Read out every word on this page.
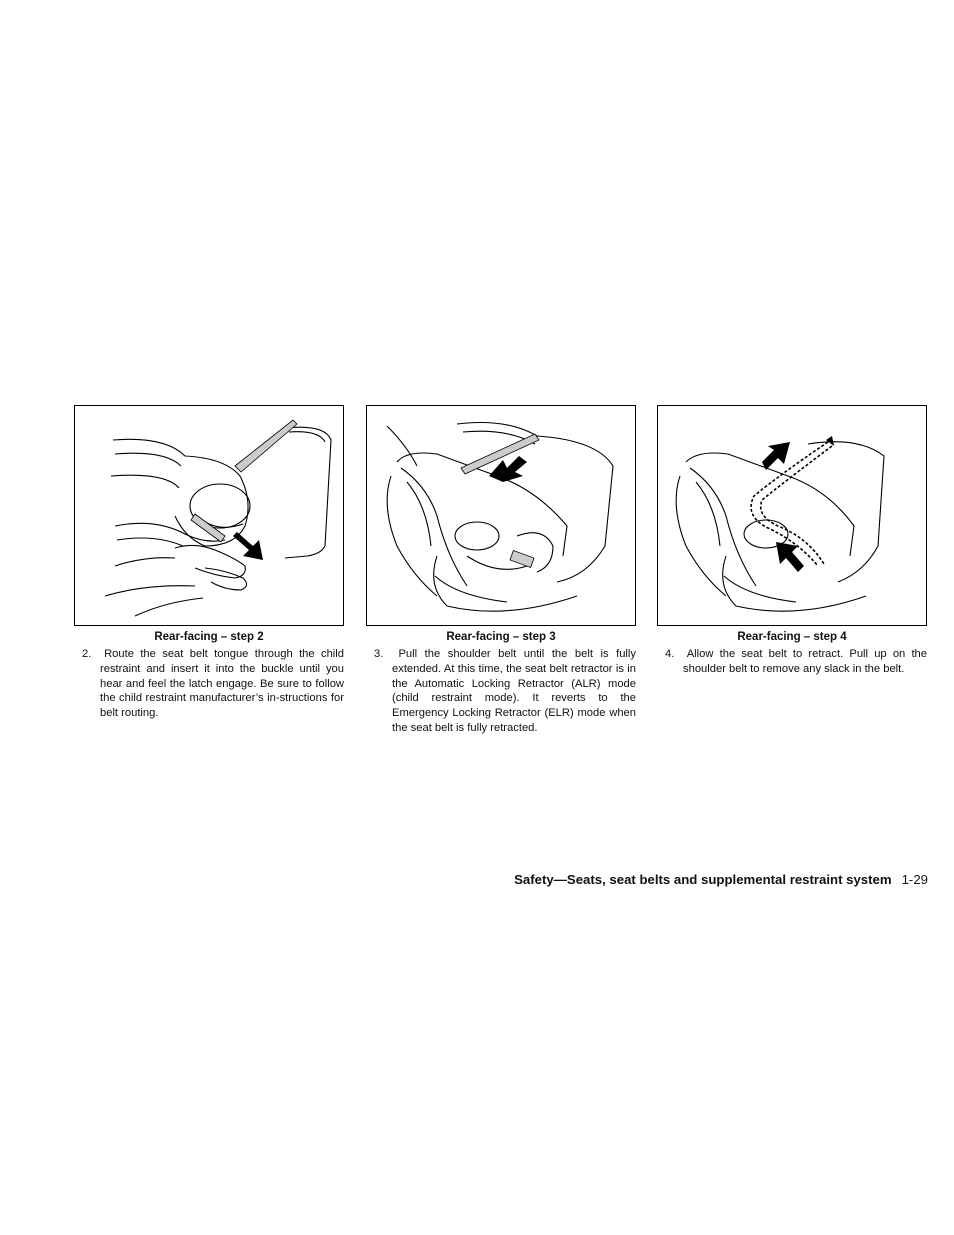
Rear-facing – step 2
2. Route the seat belt tongue through the child restraint and insert it into the buckle until you hear and feel the latch engage. Be sure to follow the child restraint manufacturer’s in-structions for belt routing.
Rear-facing – step 3
3. Pull the shoulder belt until the belt is fully extended. At this time, the seat belt retractor is in the Automatic Locking Retractor (ALR) mode (child restraint mode). It reverts to the Emergency Locking Retractor (ELR) mode when the seat belt is fully retracted.
Rear-facing – step 4
4. Allow the seat belt to retract. Pull up on the shoulder belt to remove any slack in the belt.
Safety—Seats, seat belts and supplemental restraint system 1-29
